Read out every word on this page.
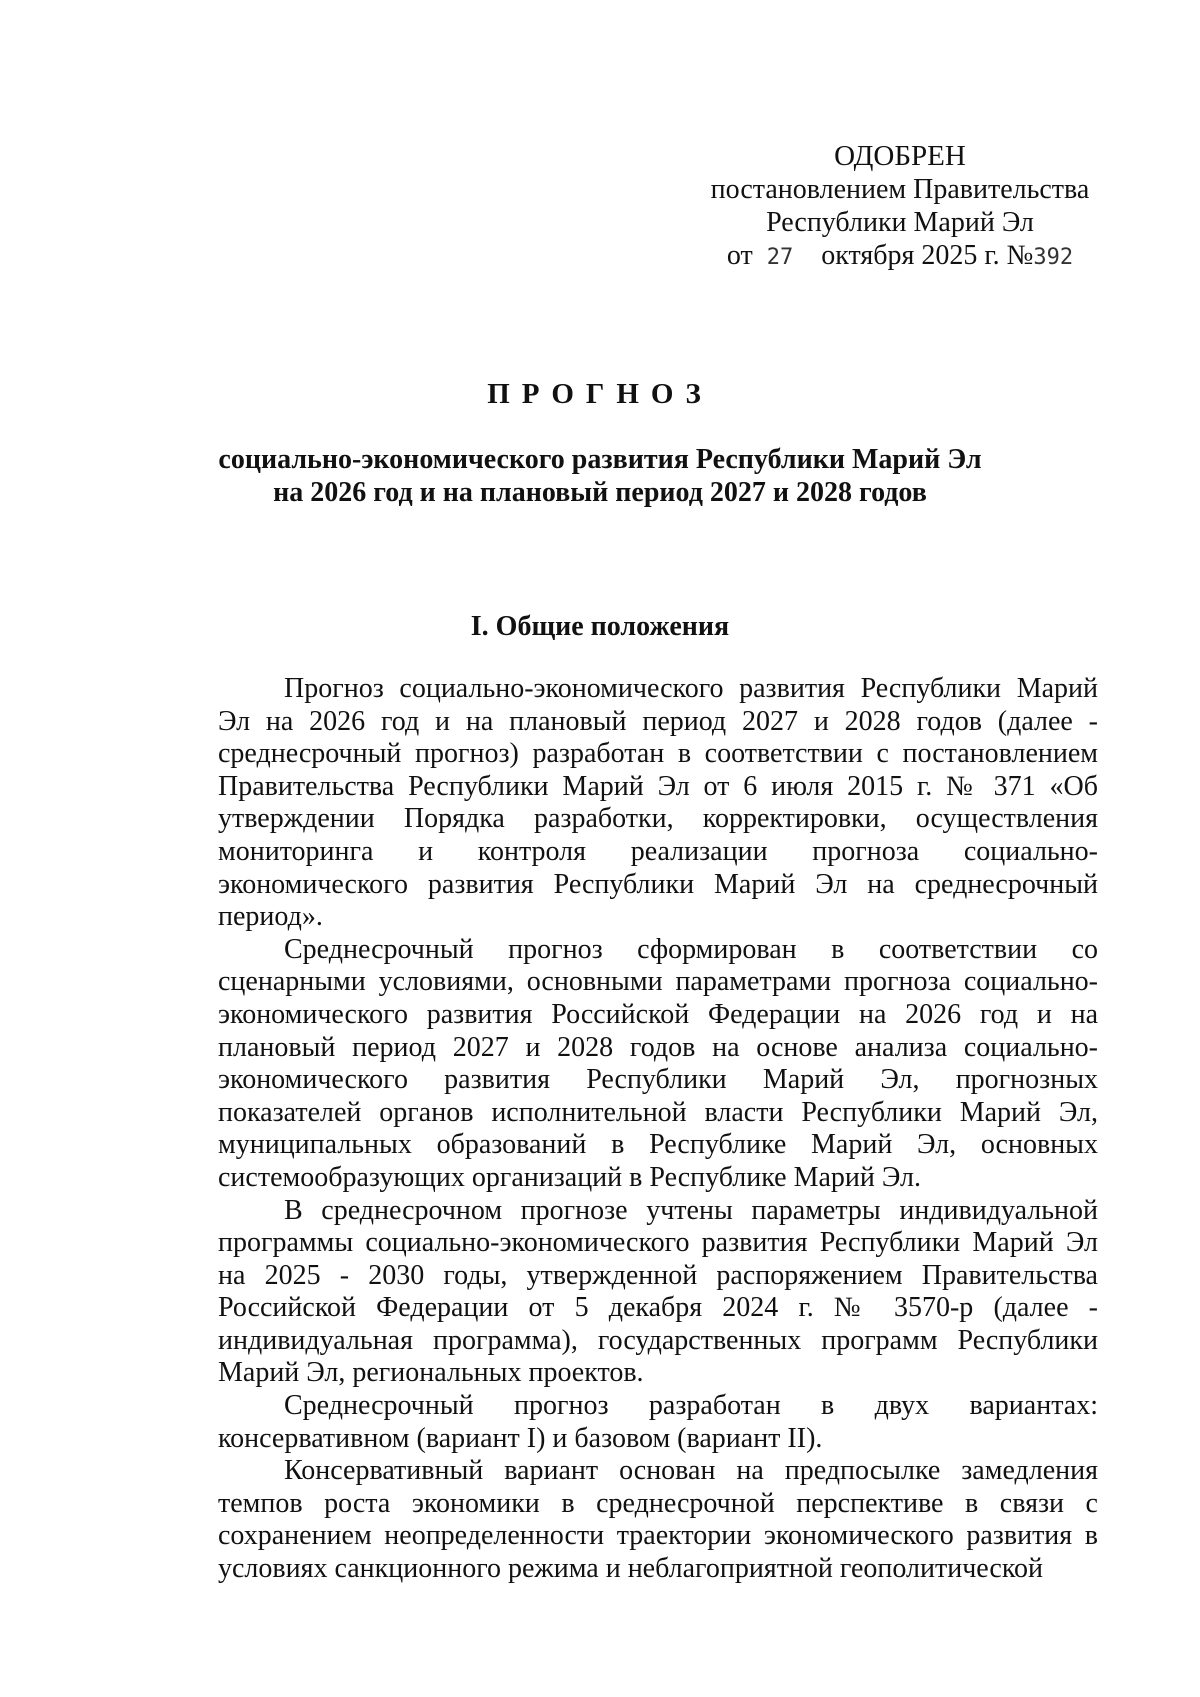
ОДОБРЕН
постановлением Правительства
Республики Марий Эл
от 27 октября 2025 г. №392
ПРОГНОЗ
социально-экономического развития Республики Марий Эл
на 2026 год и на плановый период 2027 и 2028 годов
I. Общие положения

Прогноз социально-экономического развития Республики Марий Эл на 2026 год и на плановый период 2027 и 2028 годов (далее - среднесрочный прогноз) разработан в соответствии с постановлением Правительства Республики Марий Эл от 6 июля 2015 г. № 371 «Об утверждении Порядка разработки, корректировки, осуществления мониторинга и контроля реализации прогноза социально-экономического развития Республики Марий Эл на среднесрочный период».

Среднесрочный прогноз сформирован в соответствии со сценарными условиями, основными параметрами прогноза социально-экономического развития Российской Федерации на 2026 год и на плановый период 2027 и 2028 годов на основе анализа социально-экономического развития Республики Марий Эл, прогнозных показателей органов исполнительной власти Республики Марий Эл, муниципальных образований в Республике Марий Эл, основных системообразующих организаций в Республике Марий Эл.

В среднесрочном прогнозе учтены параметры индивидуальной программы социально-экономического развития Республики Марий Эл на 2025 - 2030 годы, утвержденной распоряжением Правительства Российской Федерации от 5 декабря 2024 г. № 3570-р (далее - индивидуальная программа), государственных программ Республики Марий Эл, региональных проектов.

Среднесрочный прогноз разработан в двух вариантах: консервативном (вариант I) и базовом (вариант II).

Консервативный вариант основан на предпосылке замедления темпов роста экономики в среднесрочной перспективе в связи с сохранением неопределенности траектории экономического развития в условиях санкционного режима и неблагоприятной геополитической
